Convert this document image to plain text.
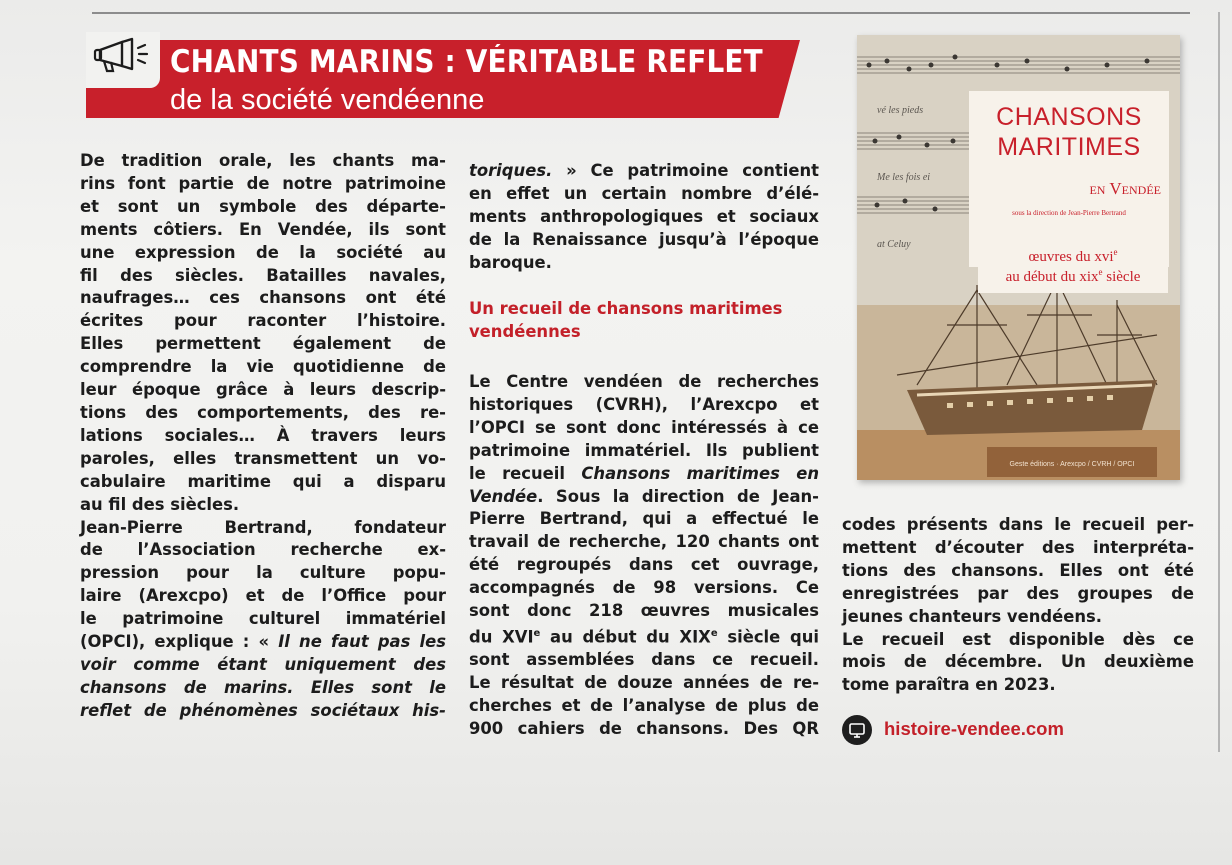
CHANTS MARINS : VÉRITABLE REFLET
de la société vendéenne
De tradition orale, les chants ma-
rins font partie de notre patrimoine
et sont un symbole des départe-
ments côtiers. En Vendée, ils sont
une expression de la société au
fil des siècles. Batailles navales,
naufrages… ces chansons ont été
écrites pour raconter l’histoire.
Elles permettent également de
comprendre la vie quotidienne de
leur époque grâce à leurs descrip-
tions des comportements, des re-
lations sociales… À travers leurs
paroles, elles transmettent un vo-
cabulaire maritime qui a disparu
au fil des siècles.
Jean-Pierre Bertrand, fondateur
de l’Association recherche ex-
pression pour la culture popu-
laire (Arexcpo) et de l’Office pour
le patrimoine culturel immatériel
(OPCI), explique : « Il ne faut pas les
voir comme étant uniquement des
chansons de marins. Elles sont le
reflet de phénomènes sociétaux his-
toriques. » Ce patrimoine contient
en effet un certain nombre d’élé-
ments anthropologiques et sociaux
de la Renaissance jusqu’à l’époque
baroque.
Un recueil de chansons maritimes
vendéennes
Le Centre vendéen de recherches
historiques (CVRH), l’Arexcpo et
l’OPCI se sont donc intéressés à ce
patrimoine immatériel. Ils publient
le recueil Chansons maritimes en
Vendée. Sous la direction de Jean-
Pierre Bertrand, qui a effectué le
travail de recherche, 120 chants ont
été regroupés dans cet ouvrage,
accompagnés de 98 versions. Ce
sont donc 218 œuvres musicales
du XVIe au début du XIXe siècle qui
sont assemblées dans ce recueil.
Le résultat de douze années de re-
cherches et de l’analyse de plus de
900 cahiers de chansons. Des QR
vé les pieds
Me les fois ei
at Celuy
CHANSONS
MARITIMES
en Vendée
sous la direction de Jean-Pierre Bertrand
œuvres du xvi$^e$
au début du xix$^e$ siècle
Geste éditions · Arexcpo / CVRH / OPCI
codes présents dans le recueil per-
mettent d’écouter des interpréta-
tions des chansons. Elles ont été
enregistrées par des groupes de
jeunes chanteurs vendéens.
Le recueil est disponible dès ce
mois de décembre. Un deuxième
tome paraîtra en 2023.
histoire-vendee.com
